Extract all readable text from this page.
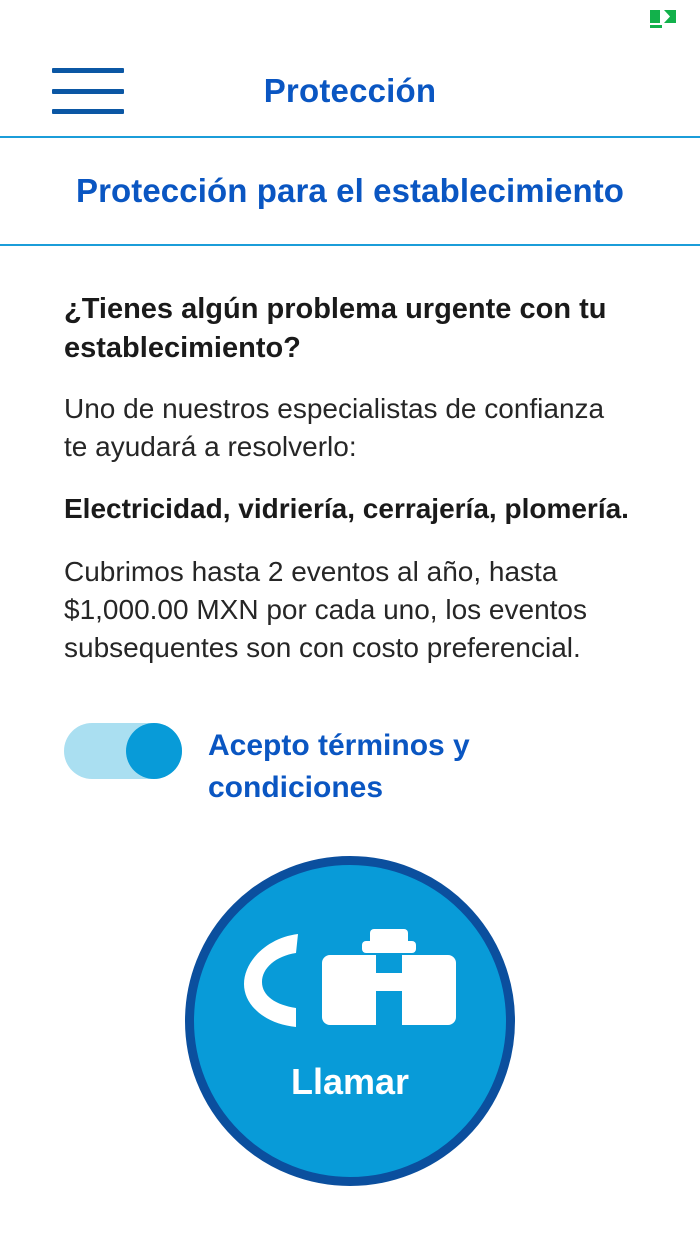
Protección
Protección para el establecimiento
¿Tienes algún problema urgente con tu establecimiento?
Uno de nuestros especialistas de confianza te ayudará a resolverlo:
Electricidad, vidriería, cerrajería, plomería.
Cubrimos hasta 2 eventos al año, hasta $1,000.00 MXN por cada uno, los eventos subsequentes son con costo preferencial.
Acepto términos y condiciones
Llamar
